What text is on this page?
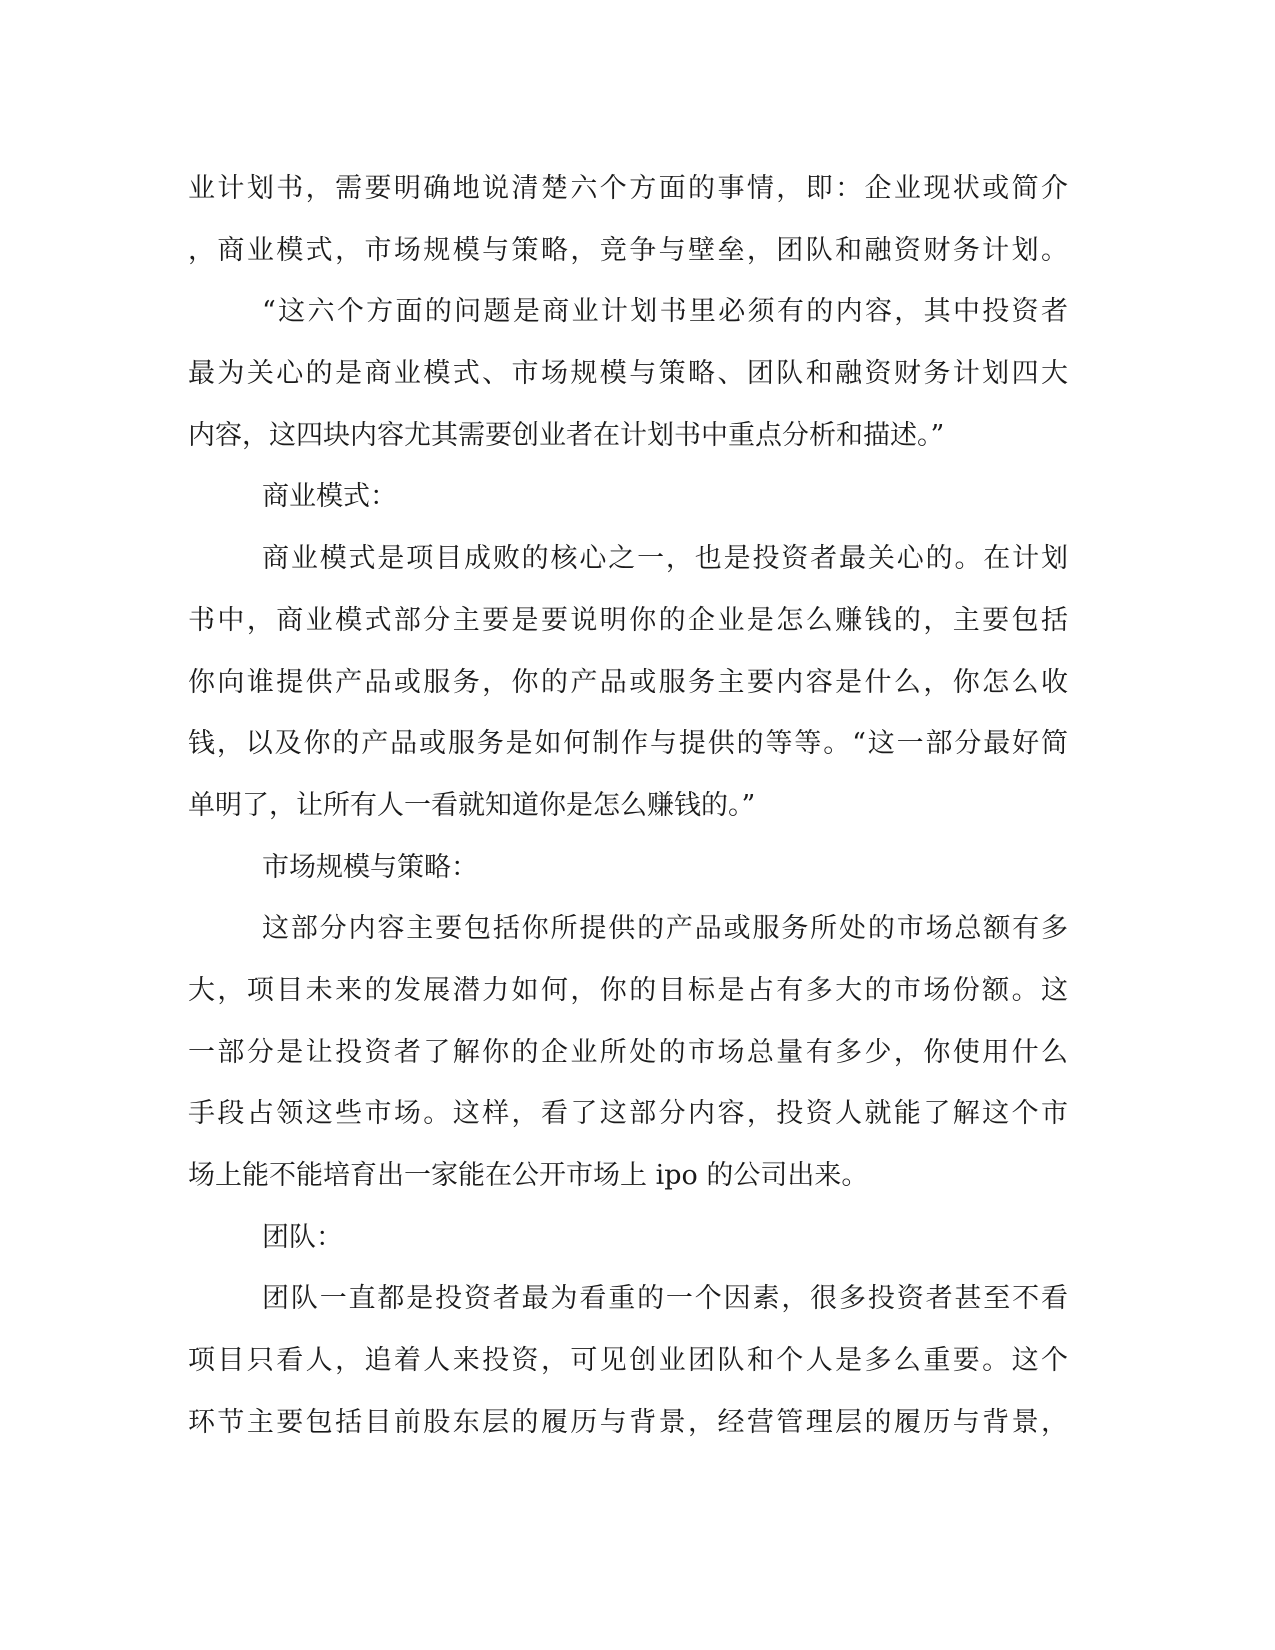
业计划书，需要明确地说清楚六个方面的事情，即：企业现状或简介
，商业模式，市场规模与策略，竞争与壁垒，团队和融资财务计划。
“这六个方面的问题是商业计划书里必须有的内容，其中投资者
最为关心的是商业模式、市场规模与策略、团队和融资财务计划四大
内容，这四块内容尤其需要创业者在计划书中重点分析和描述。”
商业模式：
商业模式是项目成败的核心之一，也是投资者最关心的。在计划
书中，商业模式部分主要是要说明你的企业是怎么赚钱的，主要包括
你向谁提供产品或服务，你的产品或服务主要内容是什么，你怎么收
钱，以及你的产品或服务是如何制作与提供的等等。“这一部分最好简
单明了，让所有人一看就知道你是怎么赚钱的。”
市场规模与策略：
这部分内容主要包括你所提供的产品或服务所处的市场总额有多
大，项目未来的发展潜力如何，你的目标是占有多大的市场份额。这
一部分是让投资者了解你的企业所处的市场总量有多少，你使用什么
手段占领这些市场。这样，看了这部分内容，投资人就能了解这个市
场上能不能培育出一家能在公开市场上 ipo 的公司出来。
团队：
团队一直都是投资者最为看重的一个因素，很多投资者甚至不看
项目只看人，追着人来投资，可见创业团队和个人是多么重要。这个
环节主要包括目前股东层的履历与背景，经营管理层的履历与背景，
